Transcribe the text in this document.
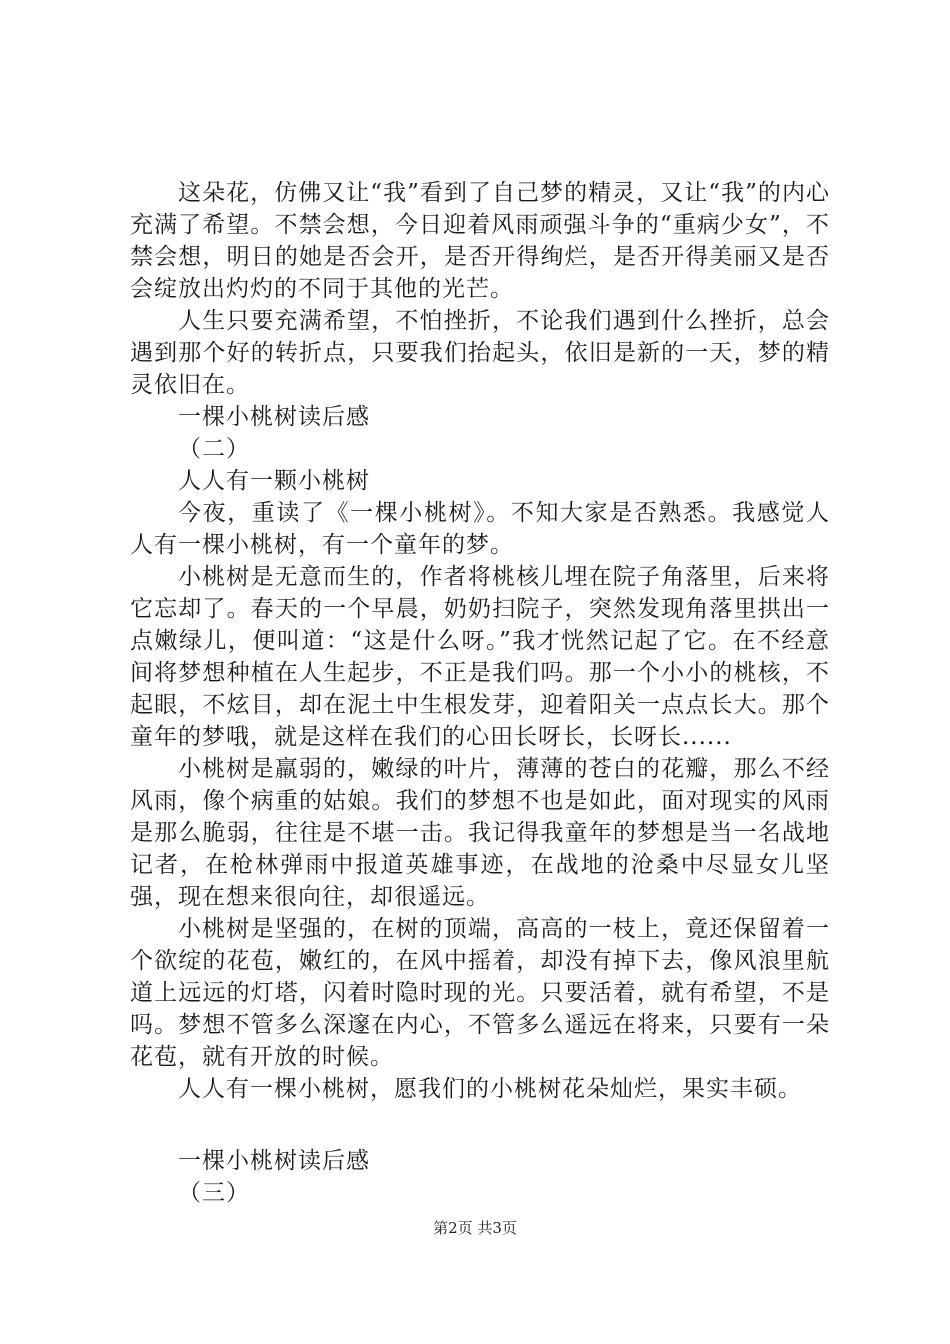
这朵花，仿佛又让“我”看到了自己梦的精灵，又让“我”的内心充满了希望。不禁会想，今日迎着风雨顽强斗争的“重病少女”，不禁会想，明日的她是否会开，是否开得绚烂，是否开得美丽又是否会绽放出灼灼的不同于其他的光芒。

人生只要充满希望，不怕挫折，不论我们遇到什么挫折，总会遇到那个好的转折点，只要我们抬起头，依旧是新的一天，梦的精灵依旧在。

一棵小桃树读后感

（二）

人人有一颗小桃树

今夜，重读了《一棵小桃树》。不知大家是否熟悉。我感觉人人有一棵小桃树，有一个童年的梦。

小桃树是无意而生的，作者将桃核儿埋在院子角落里，后来将它忘却了。春天的一个早晨，奶奶扫院子，突然发现角落里拱出一点嫩绿儿，便叫道：“这是什么呀。”我才恍然记起了它。在不经意间将梦想种植在人生起步，不正是我们吗。那一个小小的桃核，不起眼，不炫目，却在泥土中生根发芽，迎着阳关一点点长大。那个童年的梦哦，就是这样在我们的心田长呀长，长呀长......

小桃树是羸弱的，嫩绿的叶片，薄薄的苍白的花瓣，那么不经风雨，像个病重的姑娘。我们的梦想不也是如此，面对现实的风雨是那么脆弱，往往是不堪一击。我记得我童年的梦想是当一名战地记者，在枪林弹雨中报道英雄事迹，在战地的沧桑中尽显女儿坚强，现在想来很向往，却很遥远。

小桃树是坚强的，在树的顶端，高高的一枝上，竟还保留着一个欲绽的花苞，嫩红的，在风中摇着，却没有掉下去，像风浪里航道上远远的灯塔，闪着时隐时现的光。只要活着，就有希望，不是吗。梦想不管多么深邃在内心，不管多么遥远在将来，只要有一朵花苞，就有开放的时候。

人人有一棵小桃树，愿我们的小桃树花朵灿烂，果实丰硕。

一棵小桃树读后感

（三）

第2页 共3页
